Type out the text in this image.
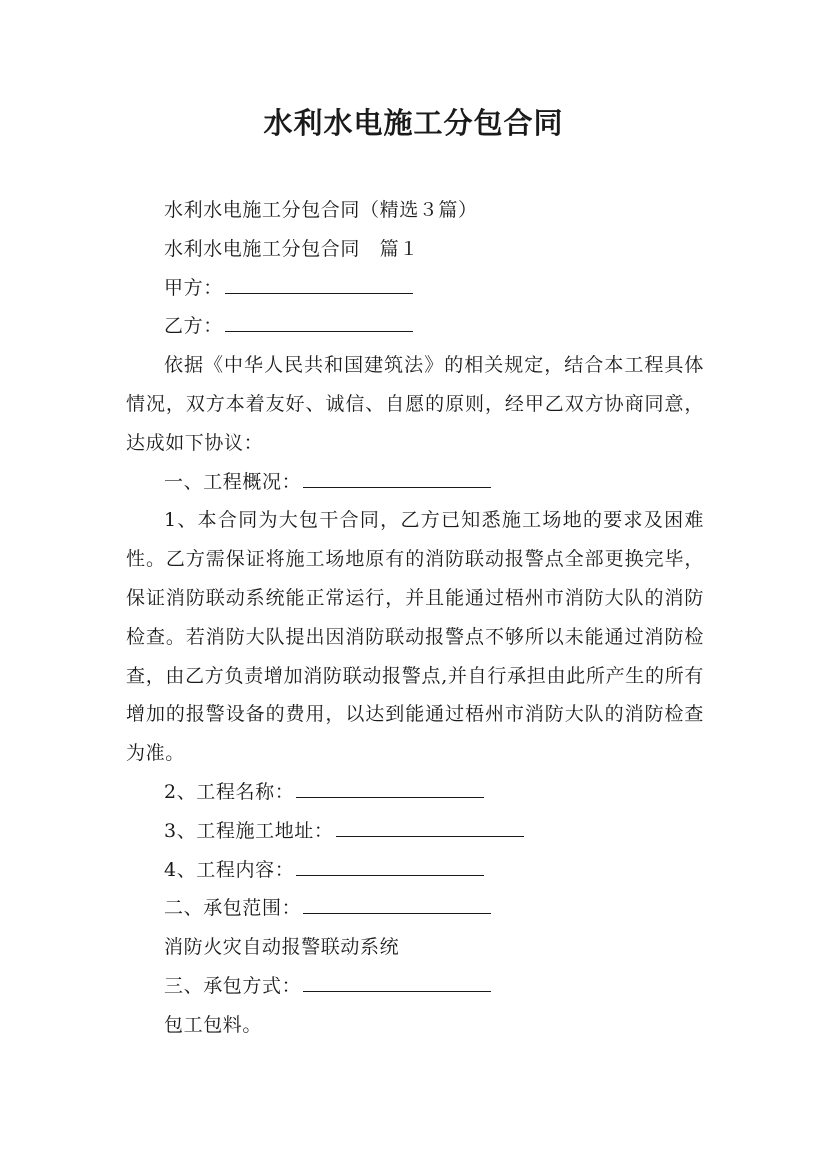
水利水电施工分包合同

水利水电施工分包合同（精选３篇）

水利水电施工分包合同　篇１

甲方：

乙方：

依据《中华人民共和国建筑法》的相关规定，结合本工程具体情况，双方本着友好、诚信、自愿的原则，经甲乙双方协商同意，达成如下协议：

一、工程概况：

1、本合同为大包干合同，乙方已知悉施工场地的要求及困难性。乙方需保证将施工场地原有的消防联动报警点全部更换完毕，保证消防联动系统能正常运行，并且能通过梧州市消防大队的消防检查。若消防大队提出因消防联动报警点不够所以未能通过消防检查，由乙方负责增加消防联动报警点,并自行承担由此所产生的所有增加的报警设备的费用，以达到能通过梧州市消防大队的消防检查为准。

2、工程名称：

3、工程施工地址：

4、工程内容：

二、承包范围：

消防火灾自动报警联动系统

三、承包方式：

包工包料。
